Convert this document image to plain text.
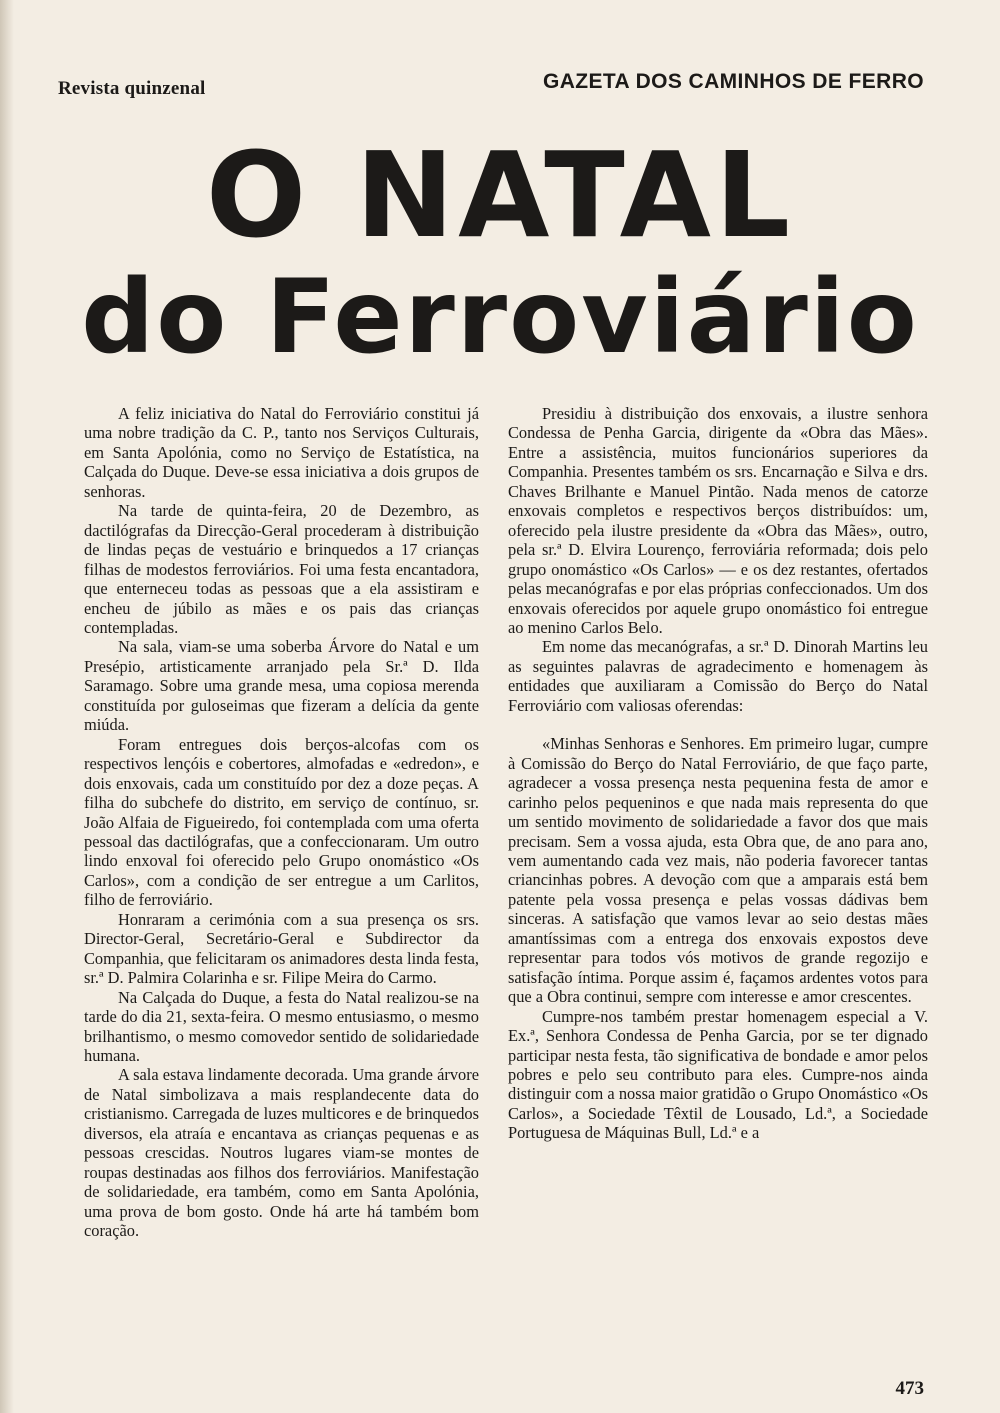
Revista quinzenal	GAZETA DOS CAMINHOS DE FERRO
O NATAL
do Ferroviário

A feliz iniciativa do Natal do Ferroviário constitui já uma nobre tradição da C. P., tanto nos Serviços Culturais, em Santa Apolónia, como no Serviço de Estatística, na Calçada do Duque. Deve-se essa iniciativa a dois grupos de senhoras.

Na tarde de quinta-feira, 20 de Dezembro, as dactilógrafas da Direcção-Geral procederam à distribuição de lindas peças de vestuário e brinquedos a 17 crianças filhas de modestos ferroviários. Foi uma festa encantadora, que enterneceu todas as pessoas que a ela assistiram e encheu de júbilo as mães e os pais das crianças contempladas.

Na sala, viam-se uma soberba Árvore do Natal e um Presépio, artisticamente arranjado pela Sr.ª D. Ilda Saramago. Sobre uma grande mesa, uma copiosa merenda constituída por guloseimas que fizeram a delícia da gente miúda.

Foram entregues dois berços-alcofas com os respectivos lençóis e cobertores, almofadas e «edredon», e dois enxovais, cada um constituído por dez a doze peças. A filha do subchefe do distrito, em serviço de contínuo, sr. João Alfaia de Figueiredo, foi contemplada com uma oferta pessoal das dactilógrafas, que a confeccionaram. Um outro lindo enxoval foi oferecido pelo Grupo onomástico «Os Carlos», com a condição de ser entregue a um Carlitos, filho de ferroviário.

Honraram a cerimónia com a sua presença os srs. Director-Geral, Secretário-Geral e Subdirector da Companhia, que felicitaram os animadores desta linda festa, sr.ª D. Palmira Colarinha e sr. Filipe Meira do Carmo.

Na Calçada do Duque, a festa do Natal realizou-se na tarde do dia 21, sexta-feira. O mesmo entusiasmo, o mesmo brilhantismo, o mesmo comovedor sentido de solidariedade humana.

A sala estava lindamente decorada. Uma grande árvore de Natal simbolizava a mais resplandecente data do cristianismo. Carregada de luzes multicores e de brinquedos diversos, ela atraía e encantava as crianças pequenas e as pessoas crescidas. Noutros lugares viam-se montes de roupas destinadas aos filhos dos ferroviários. Manifestação de solidariedade, era também, como em Santa Apolónia, uma prova de bom gosto. Onde há arte há também bom coração.

Presidiu à distribuição dos enxovais, a ilustre senhora Condessa de Penha Garcia, dirigente da «Obra das Mães». Entre a assistência, muitos funcionários superiores da Companhia. Presentes também os srs. Encarnação e Silva e drs. Chaves Brilhante e Manuel Pintão. Nada menos de catorze enxovais completos e respectivos berços distribuídos: um, oferecido pela ilustre presidente da «Obra das Mães», outro, pela sr.ª D. Elvira Lourenço, ferroviária reformada; dois pelo grupo onomástico «Os Carlos» — e os dez restantes, ofertados pelas mecanógrafas e por elas próprias confeccionados. Um dos enxovais oferecidos por aquele grupo onomástico foi entregue ao menino Carlos Belo.

Em nome das mecanógrafas, a sr.ª D. Dinorah Martins leu as seguintes palavras de agradecimento e homenagem às entidades que auxiliaram a Comissão do Berço do Natal Ferroviário com valiosas oferendas:

«Minhas Senhoras e Senhores. Em primeiro lugar, cumpre à Comissão do Berço do Natal Ferroviário, de que faço parte, agradecer a vossa presença nesta pequenina festa de amor e carinho pelos pequeninos e que nada mais representa do que um sentido movimento de solidariedade a favor dos que mais precisam. Sem a vossa ajuda, esta Obra que, de ano para ano, vem aumentando cada vez mais, não poderia favorecer tantas criancinhas pobres. A devoção com que a amparais está bem patente pela vossa presença e pelas vossas dádivas bem sinceras. A satisfação que vamos levar ao seio destas mães amantíssimas com a entrega dos enxovais expostos deve representar para todos vós motivos de grande regozijo e satisfação íntima. Porque assim é, façamos ardentes votos para que a Obra continui, sempre com interesse e amor crescentes.

Cumpre-nos também prestar homenagem especial a V. Ex.ª, Senhora Condessa de Penha Garcia, por se ter dignado participar nesta festa, tão significativa de bondade e amor pelos pobres e pelo seu contributo para eles. Cumpre-nos ainda distinguir com a nossa maior gratidão o Grupo Onomástico «Os Carlos», a Sociedade Têxtil de Lousado, Ld.ª, a Sociedade Portuguesa de Máquinas Bull, Ld.ª e a

473
